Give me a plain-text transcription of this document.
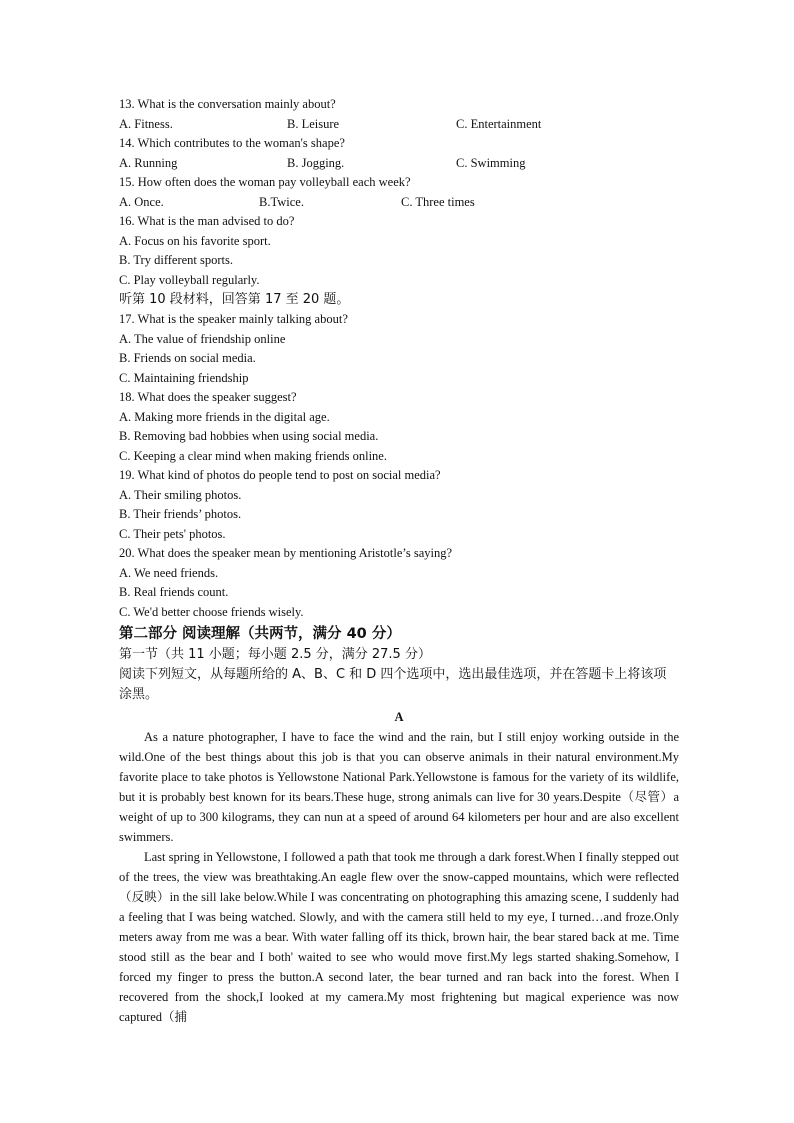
13. What is the conversation mainly about?
A. Fitness.	B. Leisure	C. Entertainment
14. Which contributes to the woman's shape?
A. Running	B. Jogging.	C. Swimming
15. How often does the woman pay volleyball each week?
A. Once.	B.Twice.	C. Three times
16. What is the man advised to do?
A. Focus on his favorite sport.
B. Try different sports.
C. Play volleyball regularly.
听第 10 段材料，回答第 17 至 20 题。
17. What is the speaker mainly talking about?
A. The value of friendship online
B. Friends on social media.
C. Maintaining friendship
18. What does the speaker suggest?
A. Making more friends in the digital age.
B. Removing bad hobbies when using social media.
C. Keeping a clear mind when making friends online.
19. What kind of photos do people tend to post on social media?
A. Their smiling photos.
B. Their friends’ photos.
C. Their pets' photos.
20. What does the speaker mean by mentioning Aristotle’s saying?
A. We need friends.
B. Real friends count.
C. We'd better choose friends wisely.
第二部分 阅读理解（共两节，满分 40 分）
第一节（共 11 小题；每小题 2.5 分，满分 27.5 分）
阅读下列短文，从每题所给的 A、B、C 和 D 四个选项中，选出最佳选项，并在答题卡上将该项涂黑。
A

As a nature photographer, I have to face the wind and the rain, but I still enjoy working outside in the wild.One of the best things about this job is that you can observe animals in their natural environment.My favorite place to take photos is Yellowstone National Park.Yellowstone is famous for the variety of its wildlife, but it is probably best known for its bears.These huge, strong animals can live for 30 years.Despite（尽管）a weight of up to 300 kilograms, they can nun at a speed of around 64 kilometers per hour and are also excellent swimmers.

Last spring in Yellowstone, I followed a path that took me through a dark forest.When I finally stepped out of the trees, the view was breathtaking.An eagle flew over the snow-capped mountains, which were reflected（反映）in the sill lake below.While I was concentrating on photographing this amazing scene, I suddenly had a feeling that I was being watched. Slowly, and with the camera still held to my eye, I turned…and froze.Only meters away from me was a bear. With water falling off its thick, brown hair, the bear stared back at me. Time stood still as the bear and I both' waited to see who would move first.My legs started shaking.Somehow, I forced my finger to press the button.A second later, the bear turned and ran back into the forest. When I recovered from the shock,I looked at my camera.My most frightening but magical experience was now captured（捕
